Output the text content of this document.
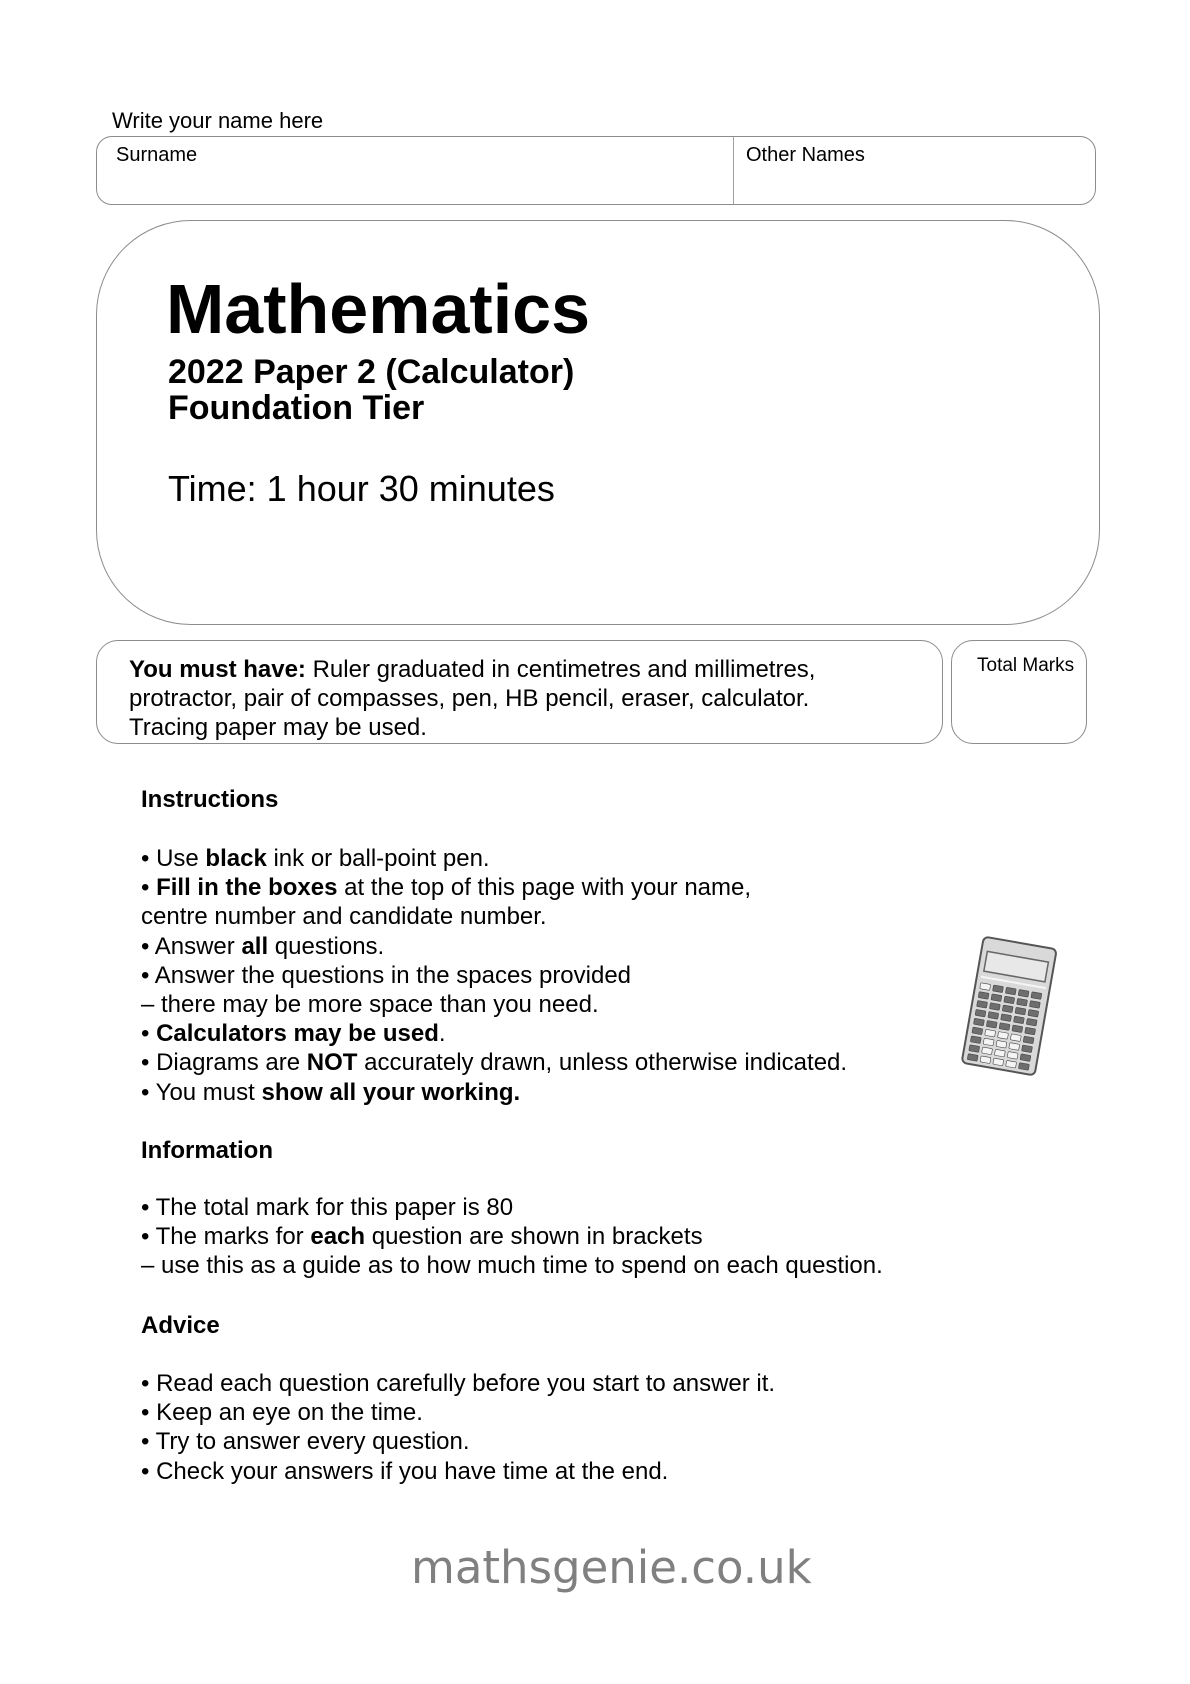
Write your name here
Surname	Other Names
Mathematics
2022 Paper 2 (Calculator)
Foundation Tier
Time: 1 hour 30 minutes
You must have: Ruler graduated in centimetres and millimetres,
protractor, pair of compasses, pen, HB pencil, eraser, calculator.
Tracing paper may be used.
Total Marks
Instructions
• Use black ink or ball-point pen.
• Fill in the boxes at the top of this page with your name,
centre number and candidate number.
• Answer all questions.
• Answer the questions in the spaces provided
– there may be more space than you need.
• Calculators may be used.
• Diagrams are NOT accurately drawn, unless otherwise indicated.
• You must show all your working.
Information
• The total mark for this paper is 80
• The marks for each question are shown in brackets
– use this as a guide as to how much time to spend on each question.
Advice
• Read each question carefully before you start to answer it.
• Keep an eye on the time.
• Try to answer every question.
• Check your answers if you have time at the end.
mathsgenie.co.uk
